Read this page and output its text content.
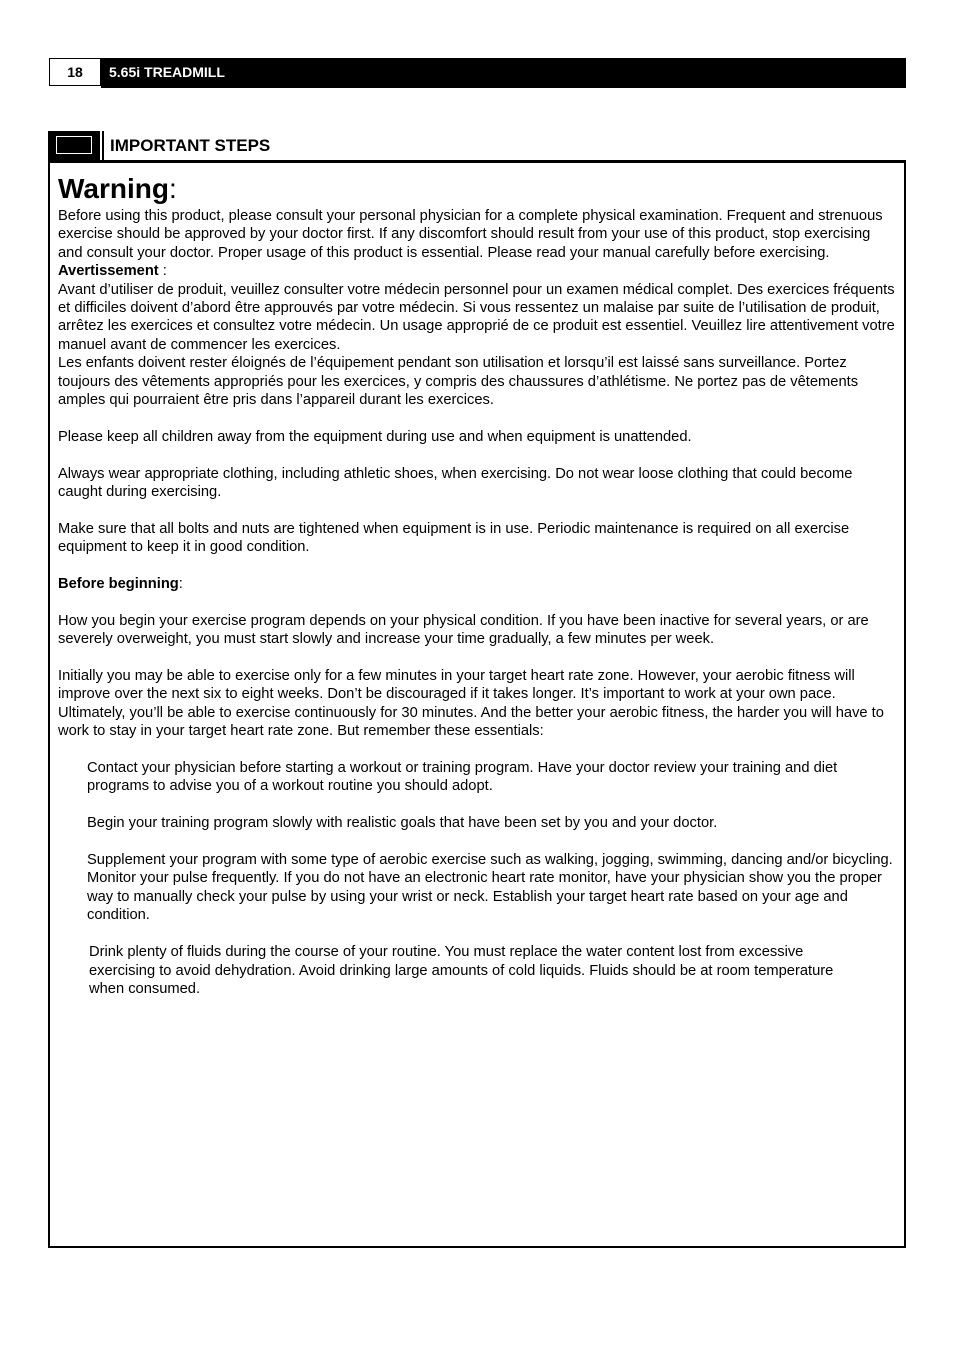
18	5.65i TREADMILL
IMPORTANT STEPS
Warning:

Before using this product, please consult your personal physician for a complete physical examination. Frequent and strenuous exercise should be approved by your doctor first. If any discomfort should result from your use of this product, stop exercising and consult your doctor. Proper usage of this product is essential. Please read your manual carefully before exercising.

Avertissement :

Avant d’utiliser de produit, veuillez consulter votre médecin personnel pour un examen médical complet. Des exercices fréquents et difficiles doivent d’abord être approuvés par votre médecin. Si vous ressentez un malaise par suite de l’utilisation de produit, arrêtez les exercices et consultez votre médecin. Un usage approprié de ce produit est essentiel. Veuillez lire attentivement votre manuel avant de commencer les exercices.

Les enfants doivent rester éloignés de l’équipement pendant son utilisation et lorsqu’il est laissé sans surveillance. Portez toujours des vêtements appropriés pour les exercices, y compris des chaussures d’athlétisme. Ne portez pas de vêtements amples qui pourraient être pris dans l’appareil durant les exercices.

Please keep all children away from the equipment during use and when equipment is unattended.

Always wear appropriate clothing, including athletic shoes, when exercising. Do not wear loose clothing that could become caught during exercising.

Make sure that all bolts and nuts are tightened when equipment is in use. Periodic maintenance is required on all exercise equipment to keep it in good condition.

Before beginning:

How you begin your exercise program depends on your physical condition. If you have been inactive for several years, or are severely overweight, you must start slowly and increase your time gradually, a few minutes per week.

Initially you may be able to exercise only for a few minutes in your target heart rate zone. However, your aerobic fitness will improve over the next six to eight weeks. Don’t be discouraged if it takes longer. It’s important to work at your own pace. Ultimately, you’ll be able to exercise continuously for 30 minutes. And the better your aerobic fitness, the harder you will have to work to stay in your target heart rate zone. But remember these essentials:

Contact your physician before starting a workout or training program. Have your doctor review your training and diet programs to advise you of a workout routine you should adopt.

Begin your training program slowly with realistic goals that have been set by you and your doctor.

Supplement your program with some type of aerobic exercise such as walking, jogging, swimming, dancing and/or bicycling. Monitor your pulse frequently. If you do not have an electronic heart rate monitor, have your physician show you the proper way to manually check your pulse by using your wrist or neck. Establish your target heart rate based on your age and condition.

Drink plenty of fluids during the course of your routine. You must replace the water content lost from excessive exercising to avoid dehydration. Avoid drinking large amounts of cold liquids. Fluids should be at room temperature when consumed.
